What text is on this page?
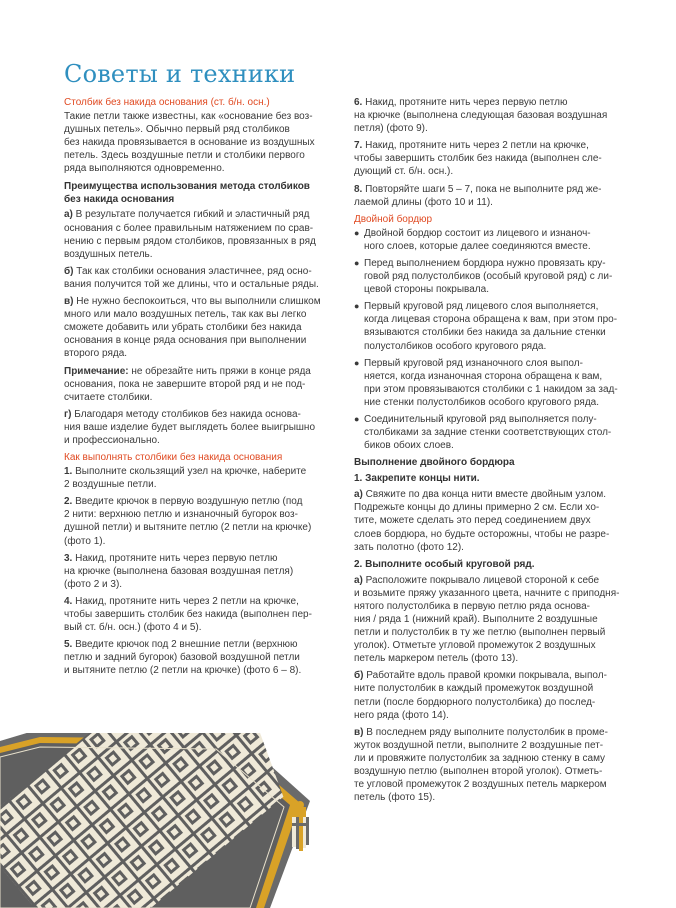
Советы и техники
Столбик без накида основания (ст. б/н. осн.)

Такие петли также известны, как «основание без воз-
душных петель». Обычно первый ряд столбиков
без накида провязывается в основание из воздушных
петель. Здесь воздушные петли и столбики первого
ряда выполняются одновременно.

Преимущества использования метода столбиков
без накида основания

а) В результате получается гибкий и эластичный ряд
основания с более правильным натяжением по срав-
нению с первым рядом столбиков, провязанных в ряд
воздушных петель.

б) Так как столбики основания эластичнее, ряд осно-
вания получится той же длины, что и остальные ряды.

в) Не нужно беспокоиться, что вы выполнили слишком
много или мало воздушных петель, так как вы легко
сможете добавить или убрать столбики без накида
основания в конце ряда основания при выполнении
второго ряда.

Примечание: не обрезайте нить пряжи в конце ряда
основания, пока не завершите второй ряд и не под-
считаете столбики.

г) Благодаря методу столбиков без накида основа-
ния ваше изделие будет выглядеть более выигрышно
и профессионально.

Как выполнять столбики без накида основания

1. Выполните скользящий узел на крючке, наберите
2 воздушные петли.

2. Введите крючок в первую воздушную петлю (под
2 нити: верхнюю петлю и изнаночный бугорок воз-
душной петли) и вытяните петлю (2 петли на крючке)
(фото 1).

3. Накид, протяните нить через первую петлю
на крючке (выполнена базовая воздушная петля)
(фото 2 и 3).

4. Накид, протяните нить через 2 петли на крючке,
чтобы завершить столбик без накида (выполнен пер-
вый ст. б/н. осн.) (фото 4 и 5).

5. Введите крючок под 2 внешние петли (верхнюю
петлю и задний бугорок) базовой воздушной петли
и вытяните петлю (2 петли на крючке) (фото 6 – 8).

6. Накид, протяните нить через первую петлю
на крючке (выполнена следующая базовая воздушная
петля) (фото 9).

7. Накид, протяните нить через 2 петли на крючке,
чтобы завершить столбик без накида (выполнен сле-
дующий ст. б/н. осн.).

8. Повторяйте шаги 5 – 7, пока не выполните ряд же-
лаемой длины (фото 10 и 11).

Двойной бордюр
● Двойной бордюр состоит из лицевого и изнаноч-
ного слоев, которые далее соединяются вместе.
● Перед выполнением бордюра нужно провязать кру-
говой ряд полустолбиков (особый круговой ряд) с ли-
цевой стороны покрывала.
● Первый круговой ряд лицевого слоя выполняется,
когда лицевая сторона обращена к вам, при этом про-
вязываются столбики без накида за дальние стенки
полустолбиков особого кругового ряда.
● Первый круговой ряд изнаночного слоя выпол-
няется, когда изнаночная сторона обращена к вам,
при этом провязываются столбики с 1 накидом за зад-
ние стенки полустолбиков особого кругового ряда.
● Соединительный круговой ряд выполняется полу-
столбиками за задние стенки соответствующих стол-
биков обоих слоев.
Выполнение двойного бордюра
1. Закрепите концы нити.

а) Свяжите по два конца нити вместе двойным узлом.
Подрежьте концы до длины примерно 2 см. Если хо-
тите, можете сделать это перед соединением двух
слоев бордюра, но будьте осторожны, чтобы не разре-
зать полотно (фото 12).

2. Выполните особый круговой ряд.

а) Расположите покрывало лицевой стороной к себе
и возьмите пряжу указанного цвета, начните с приподня-
нятого полустолбика в первую петлю ряда основа-
ния / ряда 1 (нижний край). Выполните 2 воздушные
петли и полустолбик в ту же петлю (выполнен первый
уголок). Отметьте угловой промежуток 2 воздушных
петель маркером петель (фото 13).

б) Работайте вдоль правой кромки покрывала, выпол-
ните полустолбик в каждый промежуток воздушной
петли (после бордюрного полустолбика) до послед-
него ряда (фото 14).

в) В последнем ряду выполните полустолбик в проме-
жуток воздушной петли, выполните 2 воздушные пет-
ли и провяжите полустолбик за заднюю стенку в саму
воздушную петлю (выполнен второй уголок). Отметь-
те угловой промежуток 2 воздушных петель маркером
петель (фото 15).
